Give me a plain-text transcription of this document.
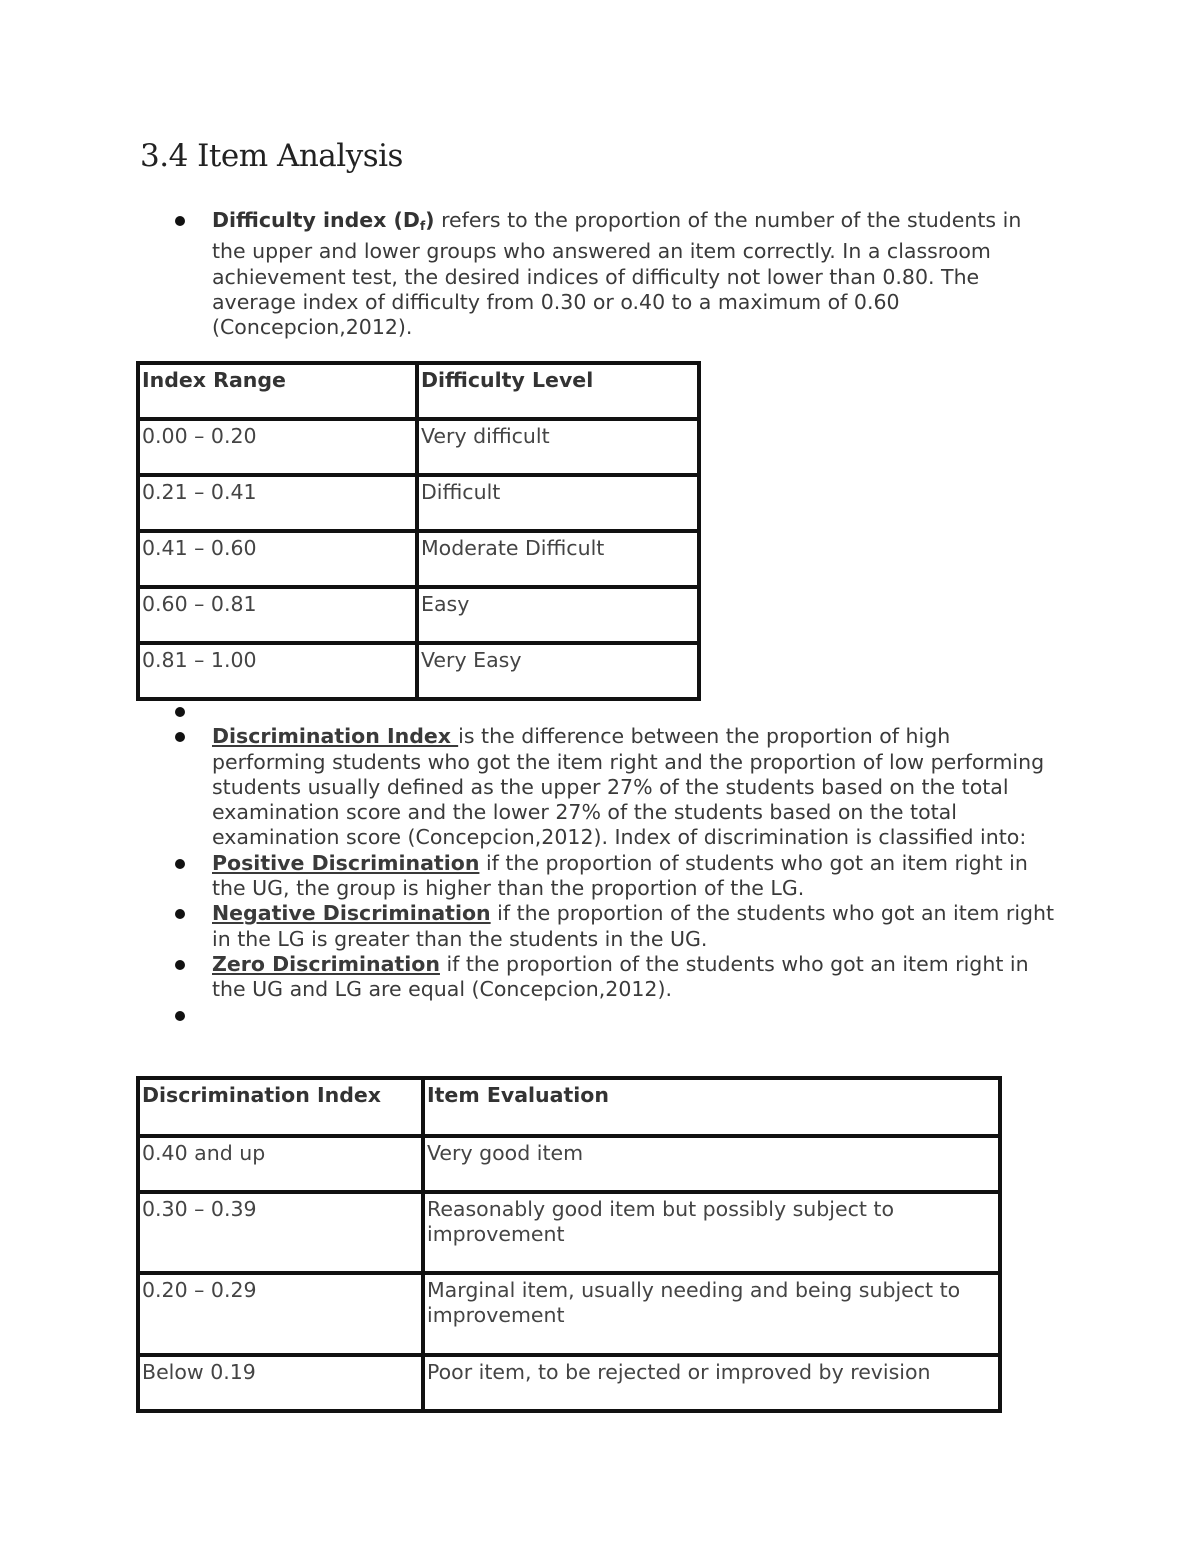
3.4 Item Analysis
Difficulty index $(D_f)$ refers to the proportion of the number of the students in the upper and lower groups who answered an item correctly. In a classroom achievement test, the desired indices of difficulty not lower than 0.80. The average index of difficulty from 0.30 or o.40 to a maximum of 0.60 (Concepcion,2012).
Index Range	Difficulty Level
0.00 – 0.20	Very difficult
0.21 – 0.41	Difficult
0.41 – 0.60	Moderate Difficult
0.60 – 0.81	Easy
0.81 – 1.00	Very Easy
Discrimination Index is the difference between the proportion of high performing students who got the item right and the proportion of low performing students usually defined as the upper 27% of the students based on the total examination score and the lower 27% of the students based on the total examination score (Concepcion,2012). Index of discrimination is classified into:
Positive Discrimination if the proportion of students who got an item right in the UG, the group is higher than the proportion of the LG.
Negative Discrimination if the proportion of the students who got an item right in the LG is greater than the students in the UG.
Zero Discrimination if the proportion of the students who got an item right in the UG and LG are equal (Concepcion,2012).
Discrimination Index	Item Evaluation
0.40 and up	Very good item
0.30 – 0.39	Reasonably good item but possibly subject to improvement
0.20 – 0.29	Marginal item, usually needing and being subject to improvement
Below 0.19	Poor item, to be rejected or improved by revision
